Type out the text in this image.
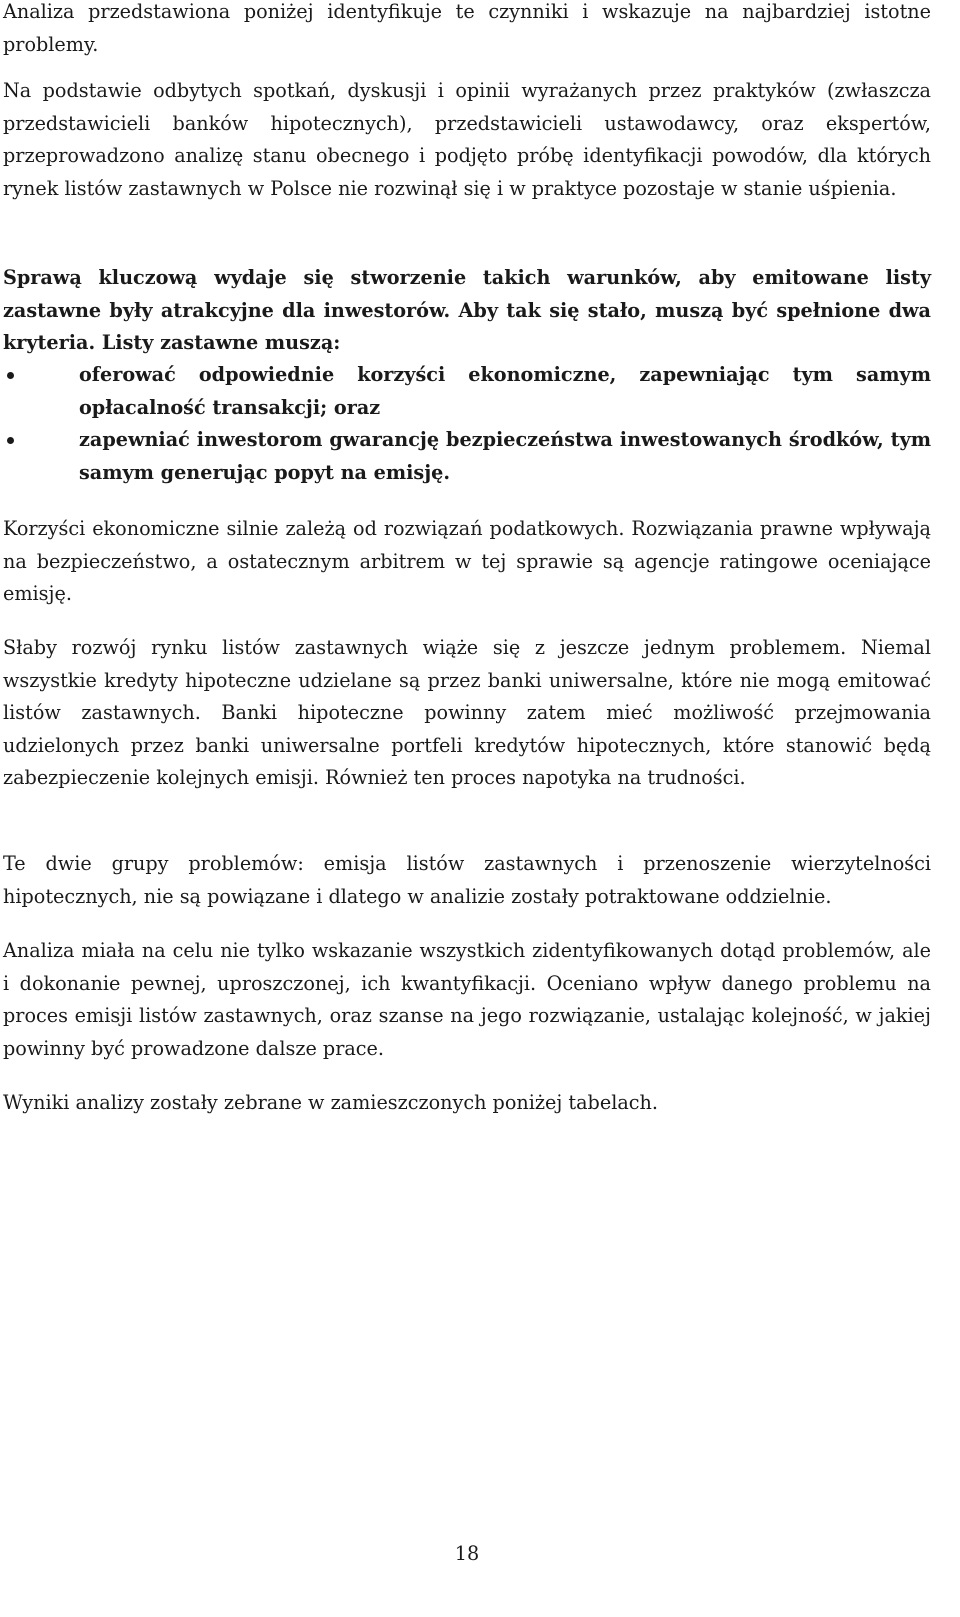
Analiza przedstawiona poniżej identyfikuje te czynniki i wskazuje na najbardziej istotne problemy.

Na podstawie odbytych spotkań, dyskusji i opinii wyrażanych przez praktyków (zwłaszcza przedstawicieli banków hipotecznych), przedstawicieli ustawodawcy, oraz ekspertów, przeprowadzono analizę stanu obecnego i podjęto próbę identyfikacji powodów, dla których rynek listów zastawnych w Polsce nie rozwinął się i w praktyce pozostaje w stanie uśpienia.

Sprawą kluczową wydaje się stworzenie takich warunków, aby emitowane listy zastawne były atrakcyjne dla inwestorów. Aby tak się stało, muszą być spełnione dwa kryteria. Listy zastawne muszą:

oferować odpowiednie korzyści ekonomiczne, zapewniając tym samym opłacalność transakcji; oraz
zapewniać inwestorom gwarancję bezpieczeństwa inwestowanych środków, tym samym generując popyt na emisję.

Korzyści ekonomiczne silnie zależą od rozwiązań podatkowych. Rozwiązania prawne wpływają na bezpieczeństwo, a ostatecznym arbitrem w tej sprawie są agencje ratingowe oceniające emisję.

Słaby rozwój rynku listów zastawnych wiąże się z jeszcze jednym problemem. Niemal wszystkie kredyty hipoteczne udzielane są przez banki uniwersalne, które nie mogą emitować listów zastawnych. Banki hipoteczne powinny zatem mieć możliwość przejmowania udzielonych przez banki uniwersalne portfeli kredytów hipotecznych, które stanowić będą zabezpieczenie kolejnych emisji. Również ten proces napotyka na trudności.

Te dwie grupy problemów: emisja listów zastawnych i przenoszenie wierzytelności hipotecznych, nie są powiązane i dlatego w analizie zostały potraktowane oddzielnie.

Analiza miała na celu nie tylko wskazanie wszystkich zidentyfikowanych dotąd problemów, ale i dokonanie pewnej, uproszczonej, ich kwantyfikacji. Oceniano wpływ danego problemu na proces emisji listów zastawnych, oraz szanse na jego rozwiązanie, ustalając kolejność, w jakiej powinny być prowadzone dalsze prace.

Wyniki analizy zostały zebrane w zamieszczonych poniżej tabelach.

18
